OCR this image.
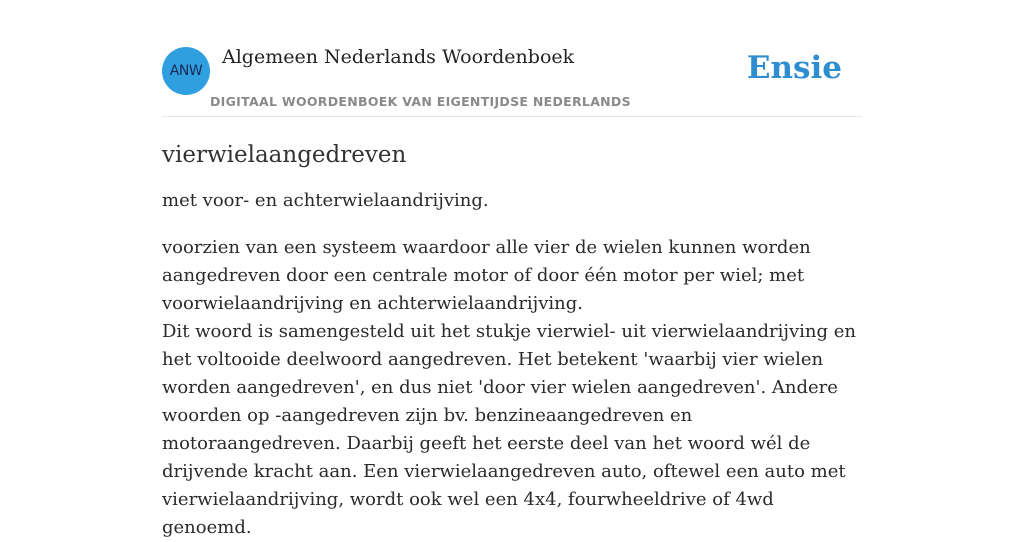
ANW
Algemeen Nederlands Woordenboek
DIGITAAL WOORDENBOEK VAN EIGENTIJDSE NEDERLANDS
Ensie
vierwielaangedreven

met voor- en achterwielaandrijving.

voorzien van een systeem waardoor alle vier de wielen kunnen worden aangedreven door een centrale motor of door één motor per wiel; met voorwielaandrijving en achterwielaandrijving.

Dit woord is samengesteld uit het stukje vierwiel- uit vierwielaandrijving en het voltooide deelwoord aangedreven. Het betekent 'waarbij vier wielen worden aangedreven', en dus niet 'door vier wielen aangedreven'. Andere woorden op -aangedreven zijn bv. benzineaangedreven en motoraangedreven. Daarbij geeft het eerste deel van het woord wél de drijvende kracht aan. Een vierwielaangedreven auto, oftewel een auto met vierwielaandrijving, wordt ook wel een 4x4, fourwheeldrive of 4wd genoemd.
